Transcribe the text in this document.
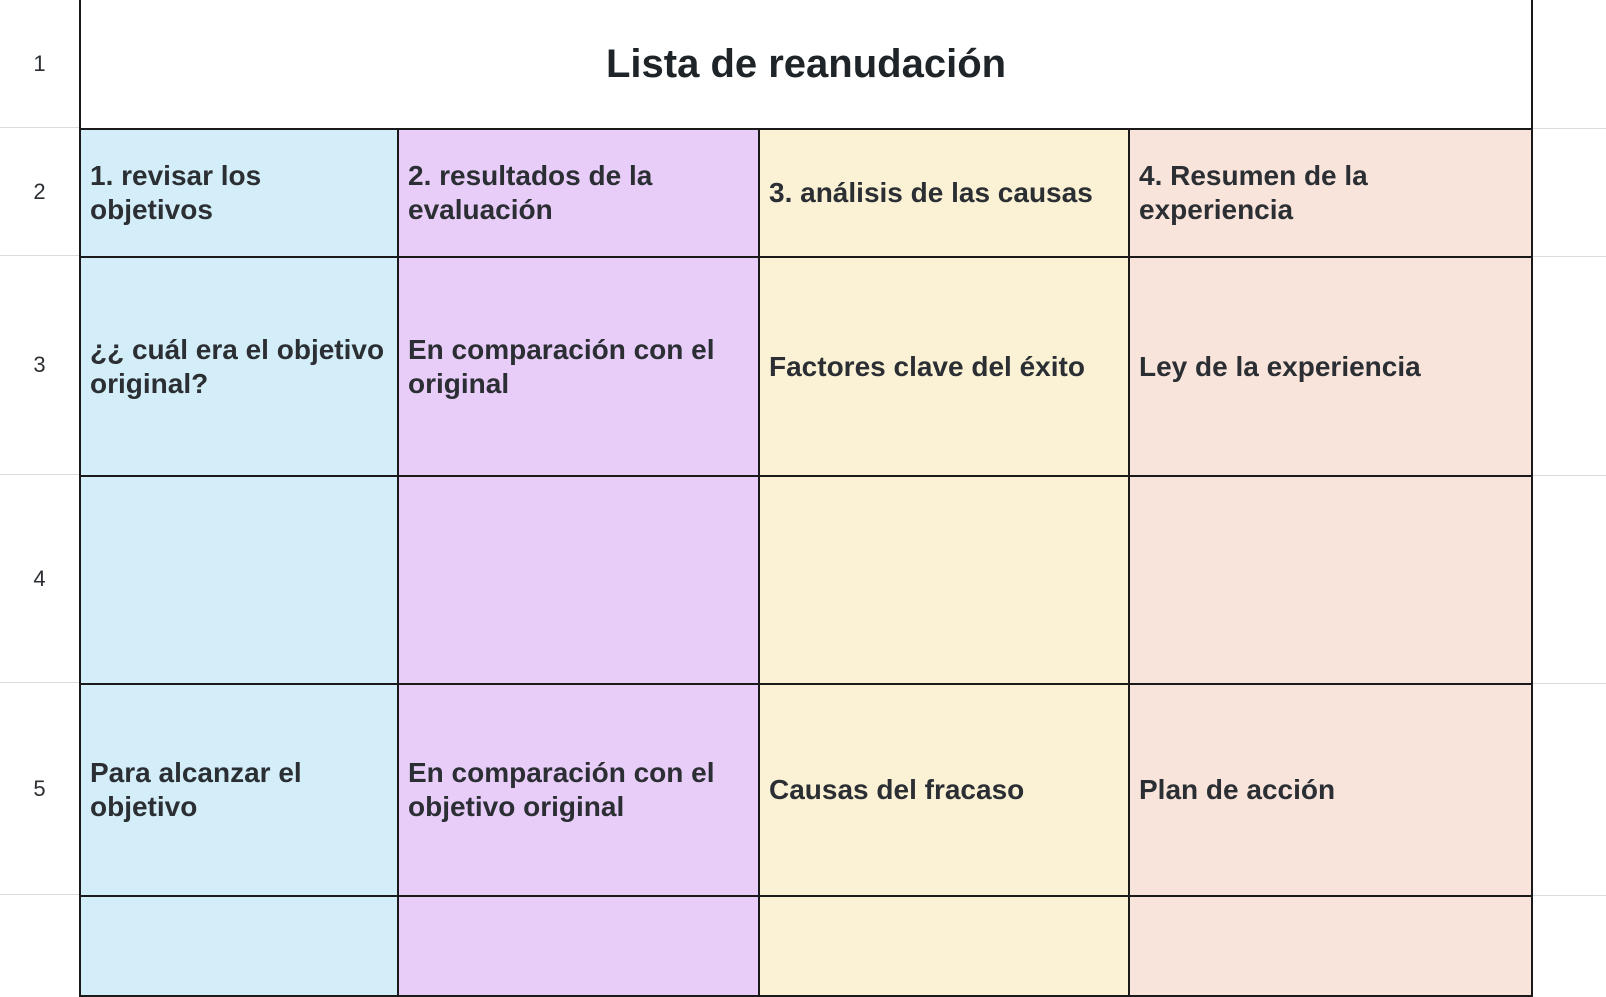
1
2
3
4
5
Lista de reanudación			
1. revisar los objetivos	2. resultados de la evaluación	3. análisis de las causas	4. Resumen de la experiencia
¿¿ cuál era el objetivo original?	En comparación con el original	Factores clave del éxito	Ley de la experiencia

Para alcanzar el objetivo	En comparación con el objetivo original	Causas del fracaso	Plan de acción
